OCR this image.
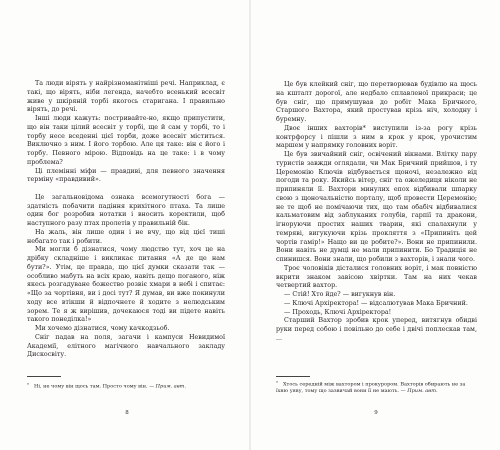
Та люди вірять у найрізноманітніші речі. Наприклад, є такі, що вірять, ніби легенда, начебто всенький всесвіт живе у шкіряній торбі якогось старигана. І правильно вірять, до речі.

Інші люди кажуть: постривайте-но, якщо припустити, що він таки цілий всесвіт у торбі, ще й сам у торбі, то і торбу несе вседенні цієї торби, доже всесвіт міститься. Виключно з ним. І його торбою. Але ця таке: він є його і торбу. Певного мірою. Відповідь на це таке: і в чому проблема?

Ці племінні міфи — правдиві, для певного значення терміну «правдивий».

Це загальновідома ознака всемогутності бога — здатність побачити падіння крихітного птаха. Та лише один бог розробив нотатки і вносить коректили, щоб наступного разу птах пролетів у правильній бік.

На жаль, він лише один і не вчу, що від цієї тиші небагато так і робити.

Ми могли б дізнатися, чому людство тут, хоч це на дрібку складніше і викликає питання «А де це нам бути?». Утім, це правда, що цієї думки сказати так — особливо мабуть на всіх краю, навіть дещо поганого, ніж якесь розгадуване божество розвіє хмари в небі і спитає: «Що за чортівня, ви і досі тут? Я думав, ви вже покинули ходу все втікши й відпочнете й ходите з нелюдським зорем. Те я ж вирішив, дочекаюся тоді ви підете навіть такого понеділка!»

Ми хочемо дізнатися, чому качкодзьоб.

Сніг падав на поля, загачи і кампуси Невидимої Академії, елітного магічного навчального закладу Дискосвіту.

* Ні, не чому він щось там. Просто чому він. — Прим. авт.
8

Це був клейкий сніг, що перетворював будівлю на щось на кшталт дорогої, але недбало сплавленої прикраси; це був сніг, що примушував до робіт Мака Бричного, Старшого Вахтора, який простував крізь ніч, холодну і буремну.

Двоє інших вахторів* виступили із-за рогу крізь контрфорсу і пішли з ним в крок у крок, урочистим маршем у напрямку головних воріт.

Це був звичайний сніг, освічений вікнами. Влітку пару туристів завжди оглядали, чи Мак Бричний прийшов, і ту Церемонію Ключів відбувається щоночі, незалежно від погоди та року. Якийсь вітер, сніг та ожеледиця ніколи не припиняли її. Вахтори минулих епох відбивали шпарку свою з щоночальністю порталу, щоб провести Церемонію; не те щоб не помічаючи тих, що там обабіч відбивалися кальматовим від заблуканих голубів, гарпії та дракони, ігноруючи простих наших тварин, які спалахнули у темряві, вигукуючи крізь прокляття з «Припиніть цей чортів гамір!» Нащо ви це робите?». Вони не припинили. Вони навіть не думці не мали припинити. Бо Традиція не спинишся. Вони знали, що робили з вахторів, і знали чого.

Троє чоловіків дісталися головних воріт, і мак повністю вкрити знаком завісою хвіртки. Там на них чекав четвертий вахтор.

— Стій! Хто йде? — вигукнув він.

— Ключі Архіректора! — відсалютував Мака Бричний.

— Проходь, Ключі Архіректора!

Старший Вахтор зробив крок уперед, витягнув обидві руки перед собою і повільно до себе і двічі поплескав там, ...

* Хтось середній між вахтором і прокурором. Вахторів обирають не за їхню уяву, тому що зазвичай вони її не мають. — Прим. авт.
9
